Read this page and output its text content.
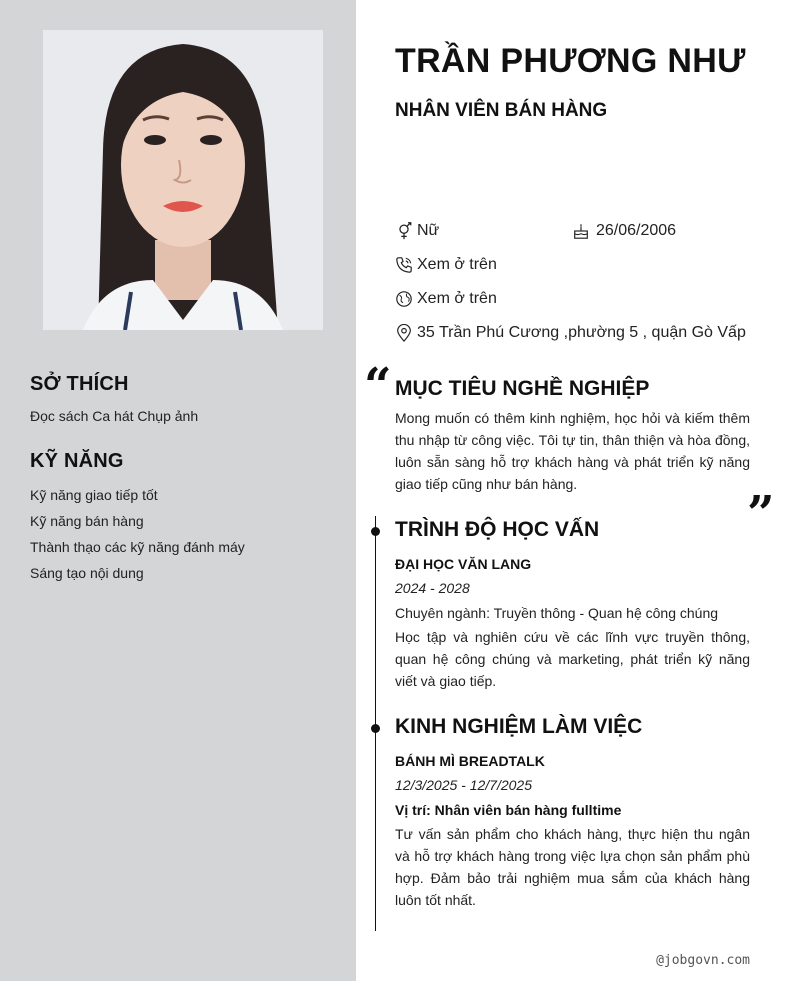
SỞ THÍCH
Đọc sách Ca hát Chụp ảnh
KỸ NĂNG
Kỹ năng giao tiếp tốt
Kỹ năng bán hàng
Thành thạo các kỹ năng đánh máy
Sáng tạo nội dung
TRẦN PHƯƠNG NHƯ
NHÂN VIÊN BÁN HÀNG
Nữ	26/06/2006
Xem ở trên
Xem ở trên
35 Trần Phú Cương ,phường 5 , quận Gò Vấp
“ MỤC TIÊU NGHỀ NGHIỆP
Mong muốn có thêm kinh nghiệm, học hỏi và kiếm thêm thu nhập từ công việc. Tôi tự tin, thân thiện và hòa đồng, luôn sẵn sàng hỗ trợ khách hàng và phát triển kỹ năng giao tiếp cũng như bán hàng.
”
TRÌNH ĐỘ HỌC VẤN
ĐẠI HỌC VĂN LANG
2024 - 2028
Chuyên ngành: Truyền thông - Quan hệ công chúng
Học tập và nghiên cứu về các lĩnh vực truyền thông, quan hệ công chúng và marketing, phát triển kỹ năng viết và giao tiếp.
KINH NGHIỆM LÀM VIỆC
BÁNH MÌ BREADTALK
12/3/2025 - 12/7/2025
Vị trí: Nhân viên bán hàng fulltime
Tư vấn sản phẩm cho khách hàng, thực hiện thu ngân và hỗ trợ khách hàng trong việc lựa chọn sản phẩm phù hợp. Đảm bảo trải nghiệm mua sắm của khách hàng luôn tốt nhất.
@jobgovn.com
